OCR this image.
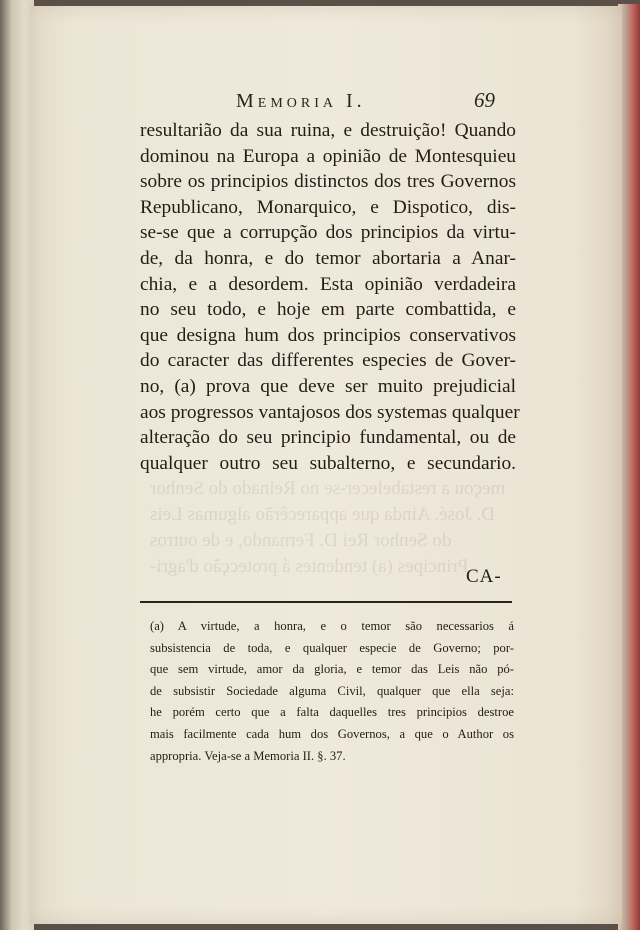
meçou a restabelecer-se no Reinado do Senhor
D. José. Ainda que apparecêrão algumas Leis
do Senhor Rei D. Fernando, e de outros
Principes (a) tendentes á protecção d'agri-
Memoria I.	69
resultarião da sua ruina, e destruição! Quando
dominou na Europa a opinião de Montesquieu
sobre os principios distinctos dos tres Governos
Republicano, Monarquico, e Dispotico, dis-
se-se que a corrupção dos principios da virtu-
de, da honra, e do temor abortaria a Anar-
chia, e a desordem. Esta opinião verdadeira
no seu todo, e hoje em parte combattida, e
que designa hum dos principios conservativos
do caracter das differentes especies de Gover-
no, (a) prova que deve ser muito prejudicial
aos progressos vantajosos dos systemas qualquer
alteração do seu principio fundamental, ou de
qualquer outro seu subalterno, e secundario.
CA-
(a) A virtude, a honra, e o temor são necessarios á
subsistencia de toda, e qualquer especie de Governo; por-
que sem virtude, amor da gloria, e temor das Leis não pó-
de subsistir Sociedade alguma Civil, qualquer que ella seja:
he porém certo que a falta daquelles tres principios destroe
mais facilmente cada hum dos Governos, a que o Author os
appropria. Veja-se a Memoria II. §. 37.
